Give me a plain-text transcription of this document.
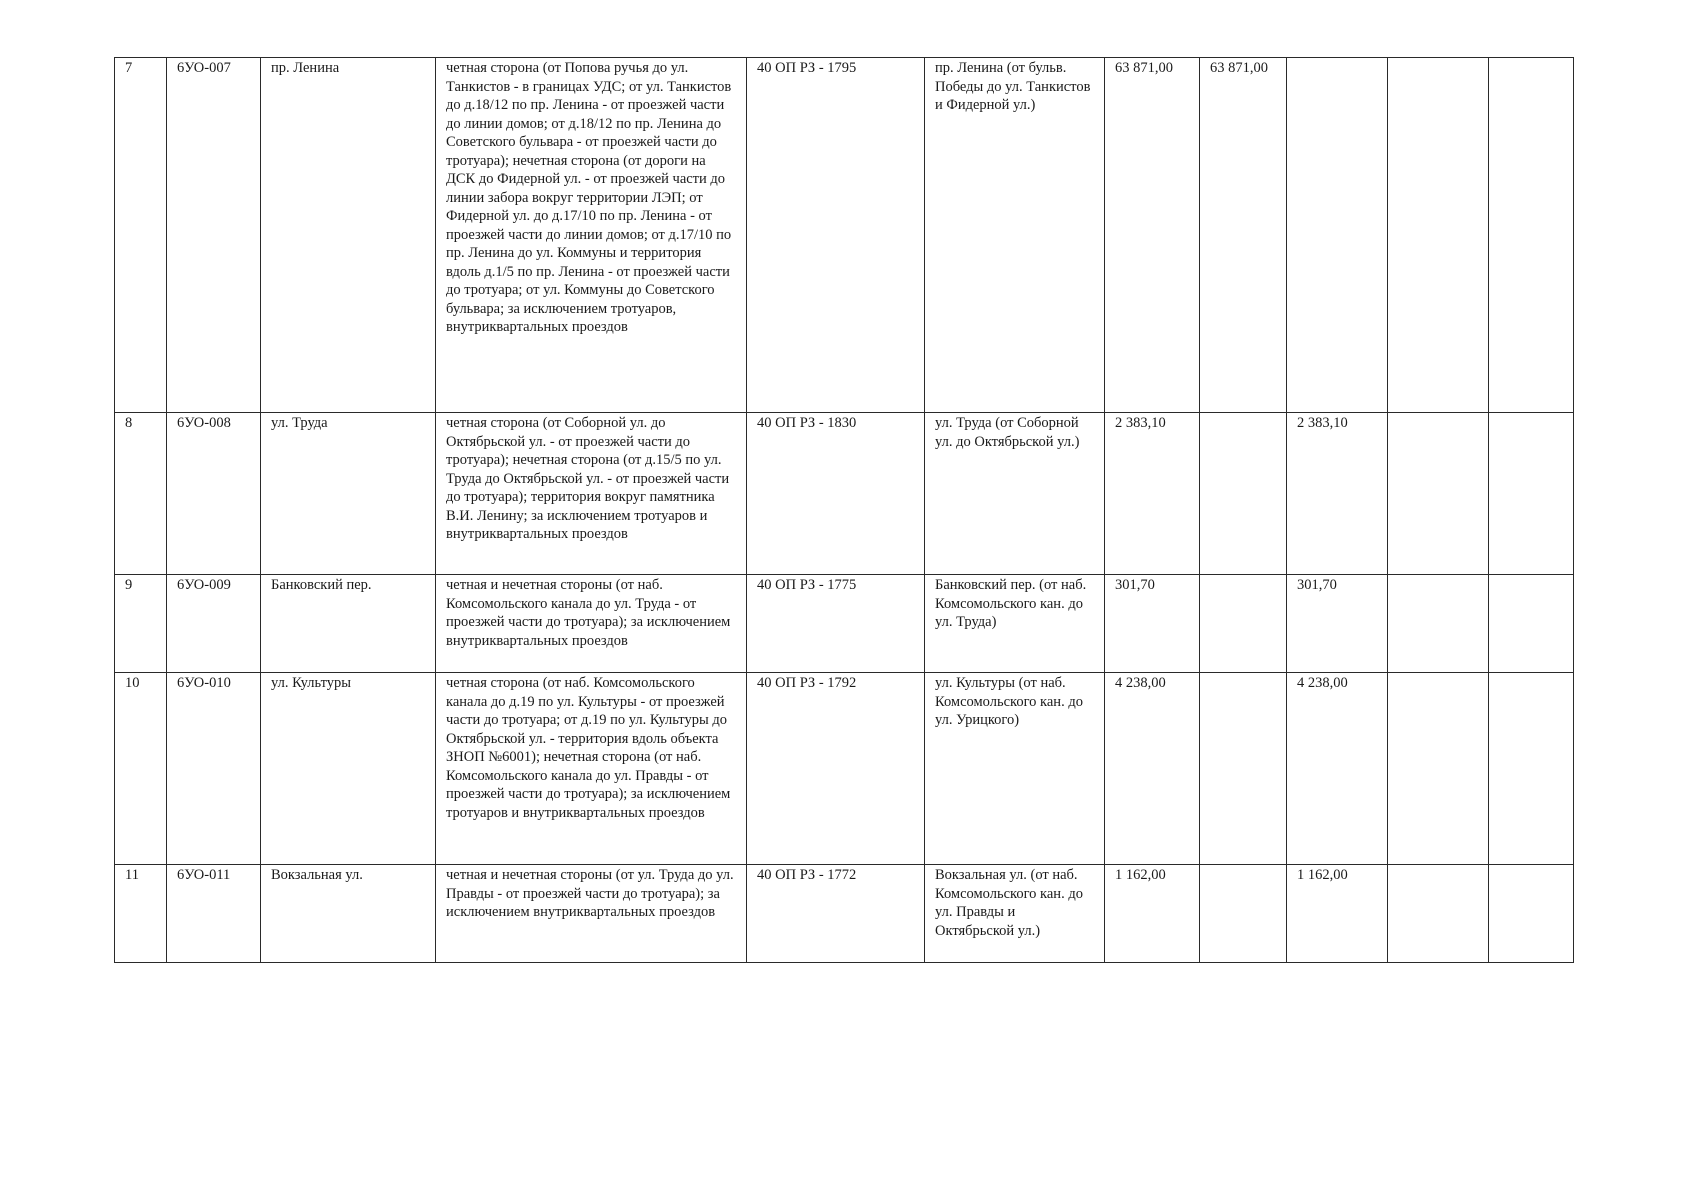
7	6УО-007	пр. Ленина	четная сторона (от Попова ручья до ул. Танкистов - в границах УДС; от ул. Танкистов до д.18/12 по пр. Ленина - от проезжей части до линии домов; от д.18/12 по пр. Ленина до Советского бульвара - от проезжей части до тротуара); нечетная сторона (от дороги на ДСК до Фидерной ул. - от проезжей части до линии забора вокруг территории ЛЭП; от Фидерной ул. до д.17/10 по пр. Ленина - от проезжей части до линии домов; от д.17/10 по пр. Ленина до ул. Коммуны и территория вдоль д.1/5 по пр. Ленина - от проезжей части до тротуара; от ул. Коммуны до Советского бульвара; за исключением тротуаров, внутриквартальных проездов	40 ОП РЗ - 1795	пр. Ленина (от бульв. Победы до ул. Танкистов и Фидерной ул.)	63 871,00	63 871,00			
8	6УО-008	ул. Труда	четная сторона (от Соборной ул. до Октябрьской ул. - от проезжей части до тротуара); нечетная сторона (от д.15/5 по ул. Труда до Октябрьской ул. - от проезжей части до тротуара); территория вокруг памятника В.И. Ленину; за исключением тротуаров и внутриквартальных проездов	40 ОП РЗ - 1830	ул. Труда (от Соборной ул. до Октябрьской ул.)	2 383,10		2 383,10		
9	6УО-009	Банковский пер.	четная и нечетная стороны (от наб. Комсомольского канала до ул. Труда - от проезжей части до тротуара); за исключением внутриквартальных проездов	40 ОП РЗ - 1775	Банковский пер. (от наб. Комсомольского кан. до ул. Труда)	301,70		301,70		
10	6УО-010	ул. Культуры	четная сторона (от наб. Комсомольского канала до д.19 по ул. Культуры - от проезжей части до тротуара; от д.19 по ул. Культуры до Октябрьской ул. - территория вдоль объекта ЗНОП №6001); нечетная сторона (от наб. Комсомольского канала до ул. Правды - от проезжей части до тротуара); за исключением тротуаров и внутриквартальных проездов	40 ОП РЗ - 1792	ул. Культуры (от наб. Комсомольского кан. до ул. Урицкого)	4 238,00		4 238,00		
11	6УО-011	Вокзальная ул.	четная и нечетная стороны (от ул. Труда до ул. Правды - от проезжей части до тротуара); за исключением внутриквартальных проездов	40 ОП РЗ - 1772	Вокзальная ул. (от наб. Комсомольского кан. до ул. Правды и Октябрьской ул.)	1 162,00		1 162,00		
